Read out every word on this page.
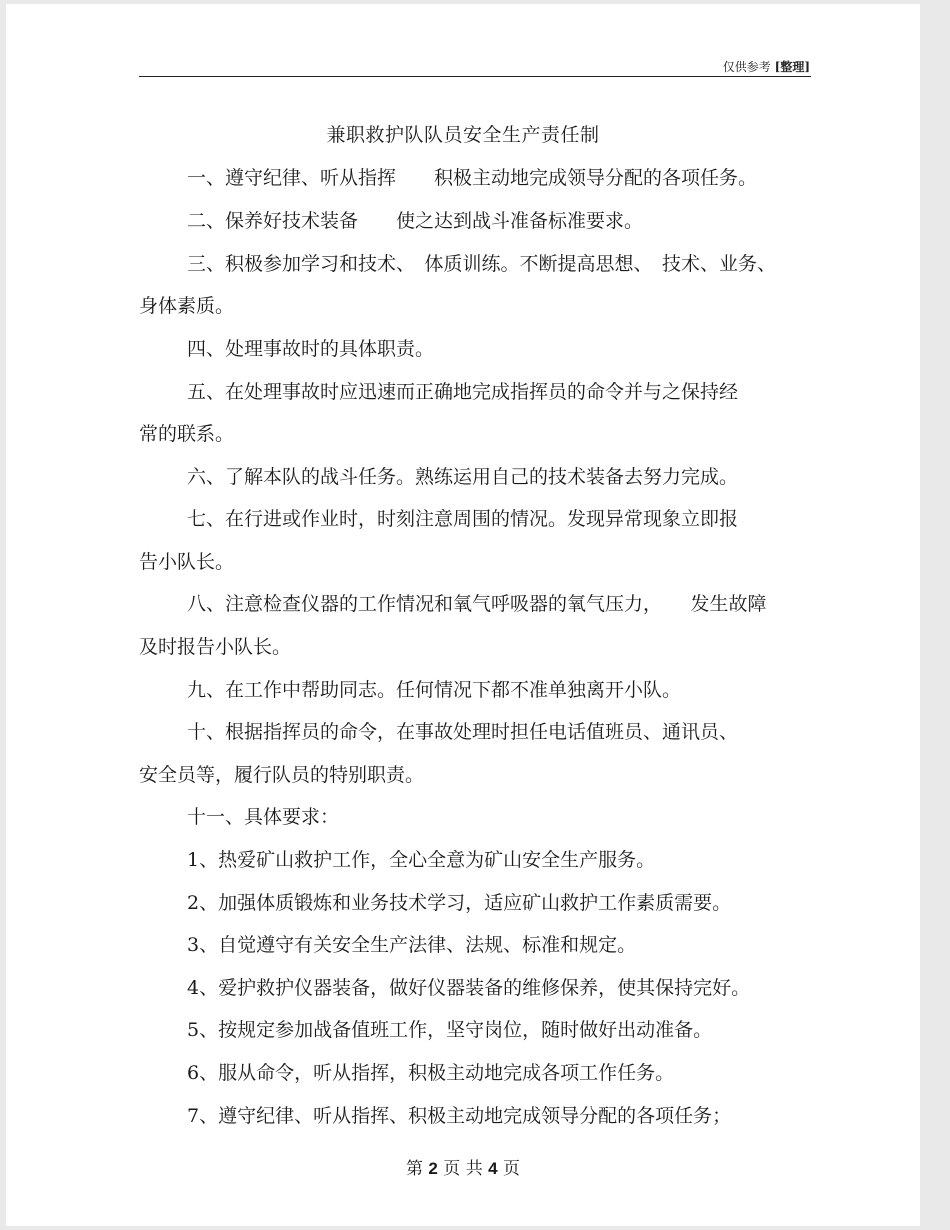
仅供参考 [整理]
兼职救护队队员安全生产责任制
一、遵守纪律、听从指挥　　积极主动地完成领导分配的各项任务。
二、保养好技术装备　　使之达到战斗准备标准要求。
三、积极参加学习和技术、　体质训练。不断提高思想、　技术、业务、
身体素质。
四、处理事故时的具体职责。
五、在处理事故时应迅速而正确地完成指挥员的命令并与之保持经
常的联系。
六、了解本队的战斗任务。熟练运用自己的技术装备去努力完成。
七、在行进或作业时，时刻注意周围的情况。发现异常现象立即报
告小队长。
八、注意检查仪器的工作情况和氧气呼吸器的氧气压力，　　发生故障
及时报告小队长。
九、在工作中帮助同志。任何情况下都不准单独离开小队。
十、根据指挥员的命令，在事故处理时担任电话值班员、通讯员、
安全员等，履行队员的特别职责。
十一、具体要求：
1、热爱矿山救护工作，全心全意为矿山安全生产服务。
2、加强体质锻炼和业务技术学习，适应矿山救护工作素质需要。
3、自觉遵守有关安全生产法律、法规、标准和规定。
4、爱护救护仪器装备，做好仪器装备的维修保养，使其保持完好。
5、按规定参加战备值班工作，坚守岗位，随时做好出动准备。
6、服从命令，听从指挥，积极主动地完成各项工作任务。
7、遵守纪律、听从指挥、积极主动地完成领导分配的各项任务；
第 2 页 共 4 页
